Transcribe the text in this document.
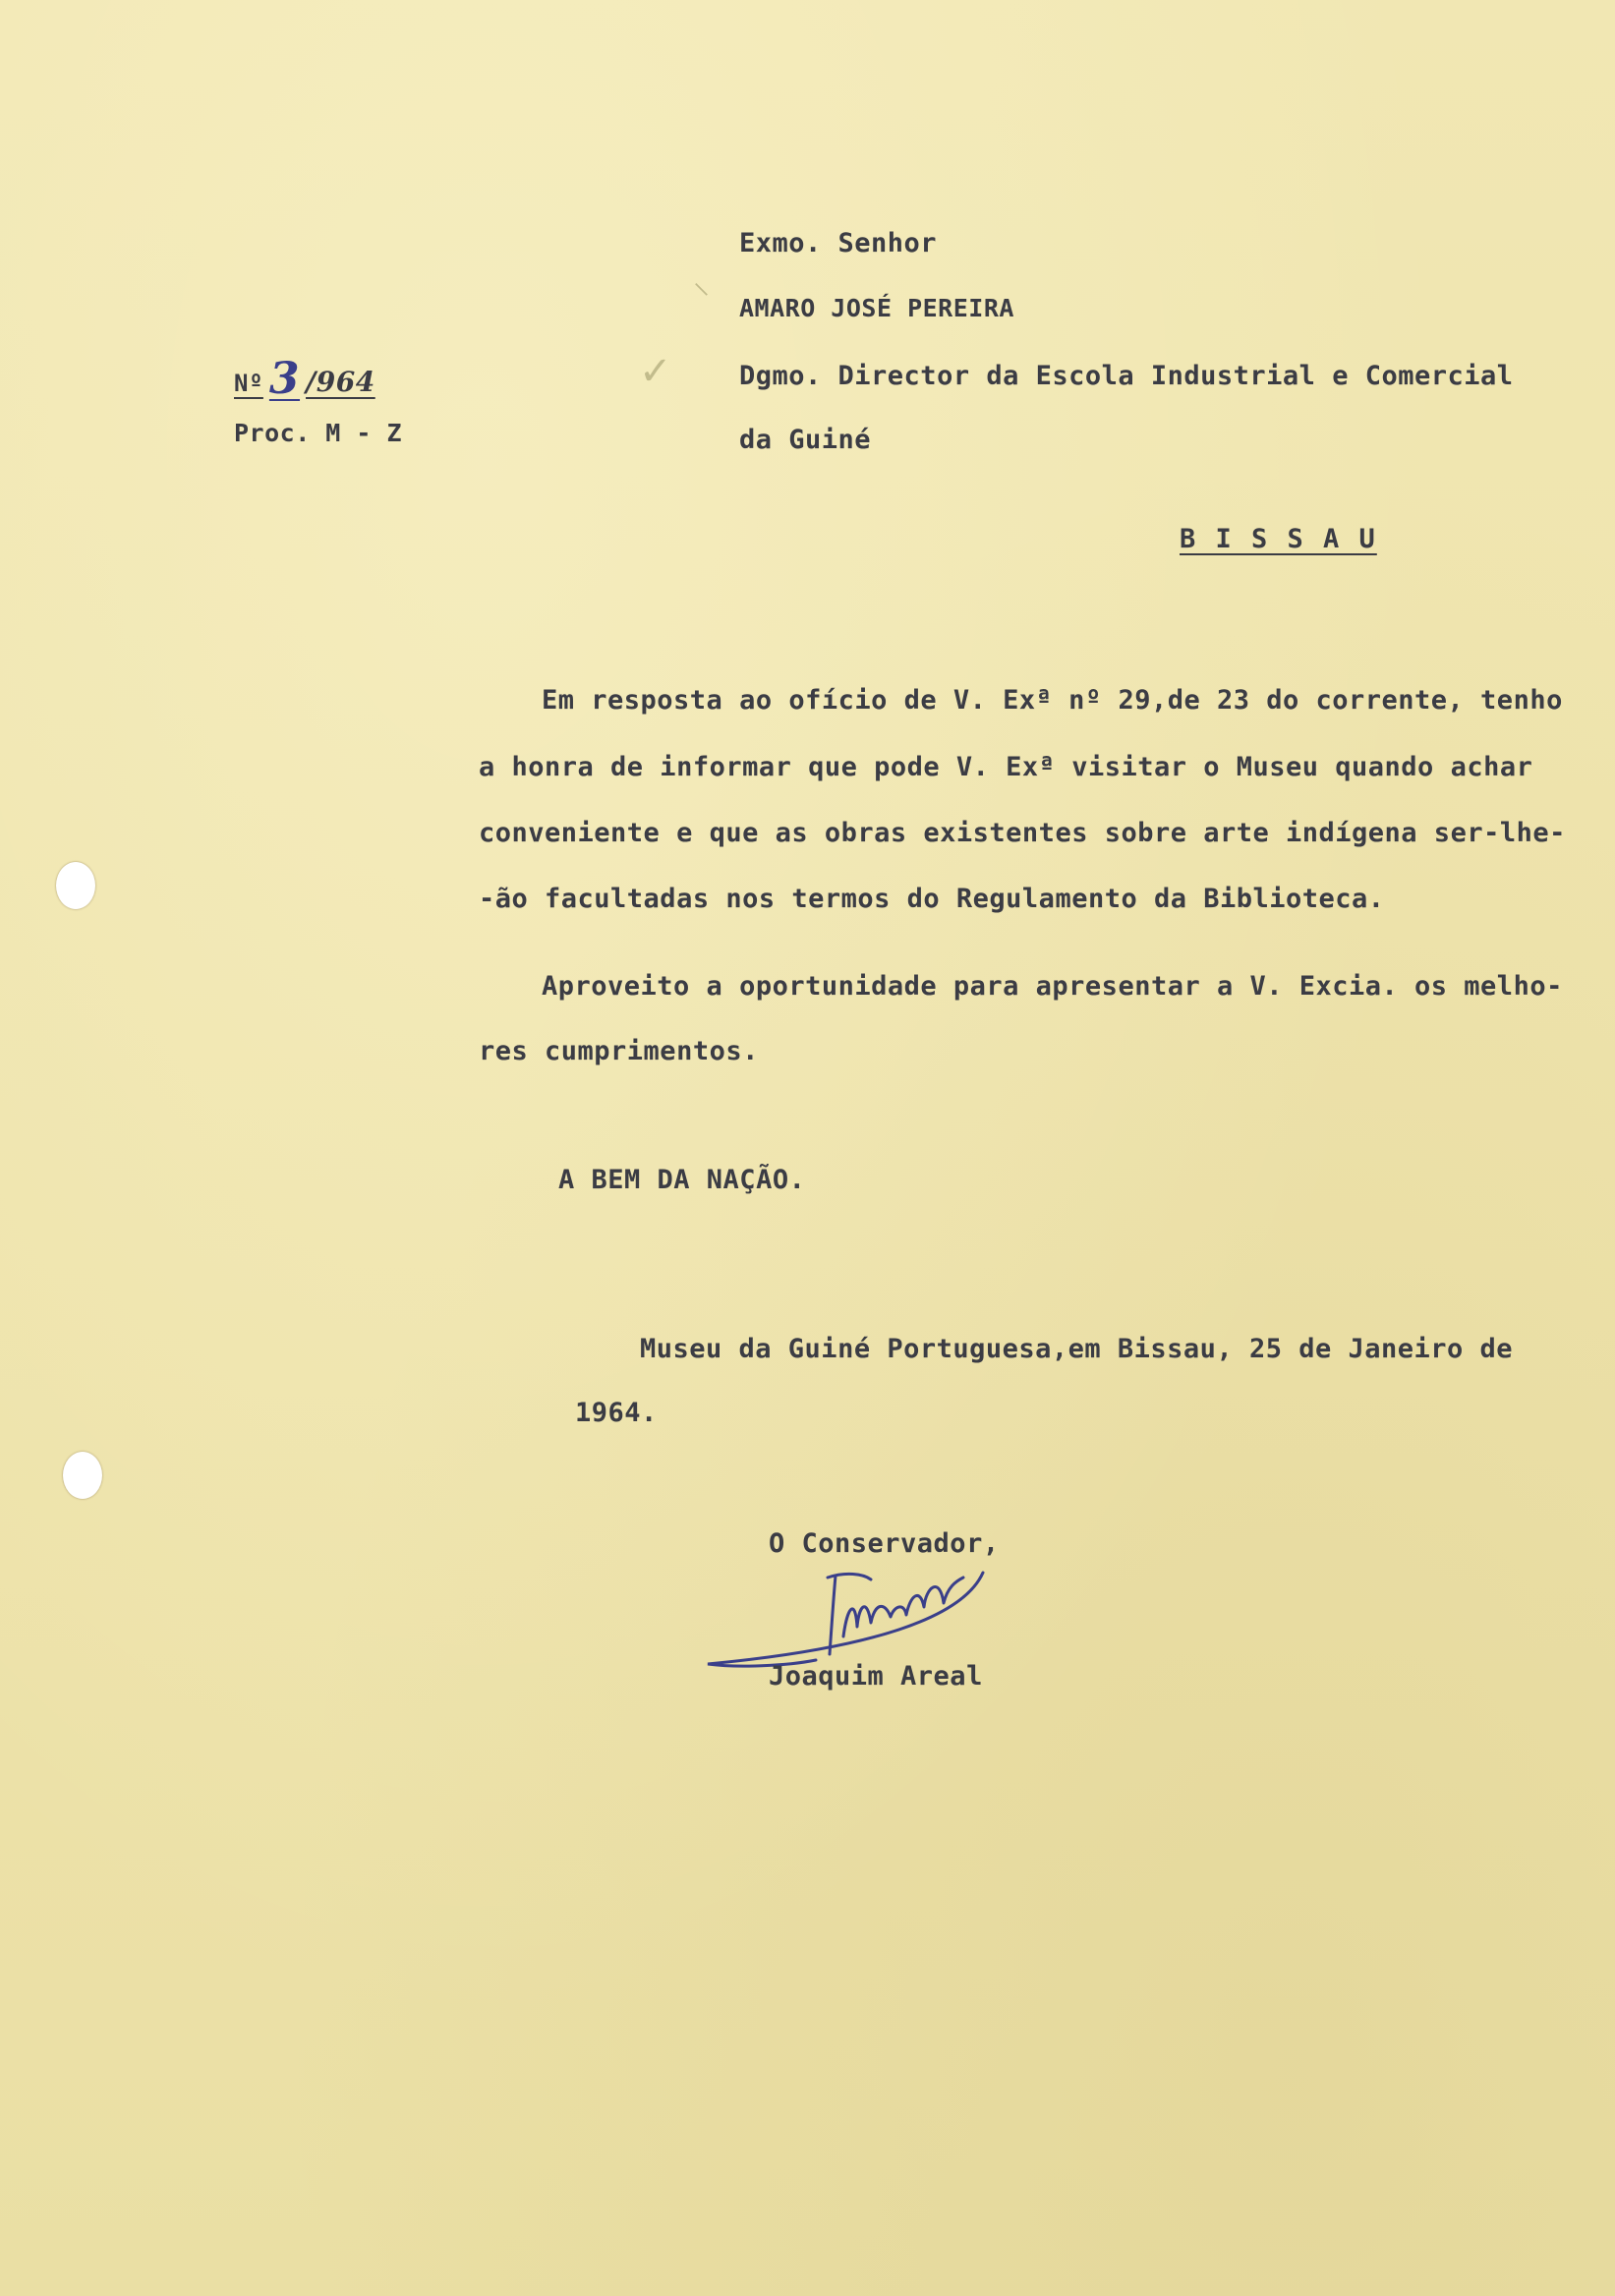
Nº 3 /964
Proc. M - Z
✓
⸜
Exmo. Senhor
AMARO JOSÉ PEREIRA
Dgmo. Director da Escola Industrial e Comercial
da Guiné
B I S S A U
Em resposta ao ofício de V. Exª nº 29,de 23 do corrente, tenho
a honra de informar que pode V. Exª visitar o Museu quando achar
conveniente e que as obras existentes sobre arte indígena ser-lhe-
-ão facultadas nos termos do Regulamento da Biblioteca.
Aproveito a oportunidade para apresentar a V. Excia. os melho-
res cumprimentos.
A BEM DA NAÇÃO.
Museu da Guiné Portuguesa,em Bissau, 25 de Janeiro de
1964.
O Conservador,
Joaquim Areal
